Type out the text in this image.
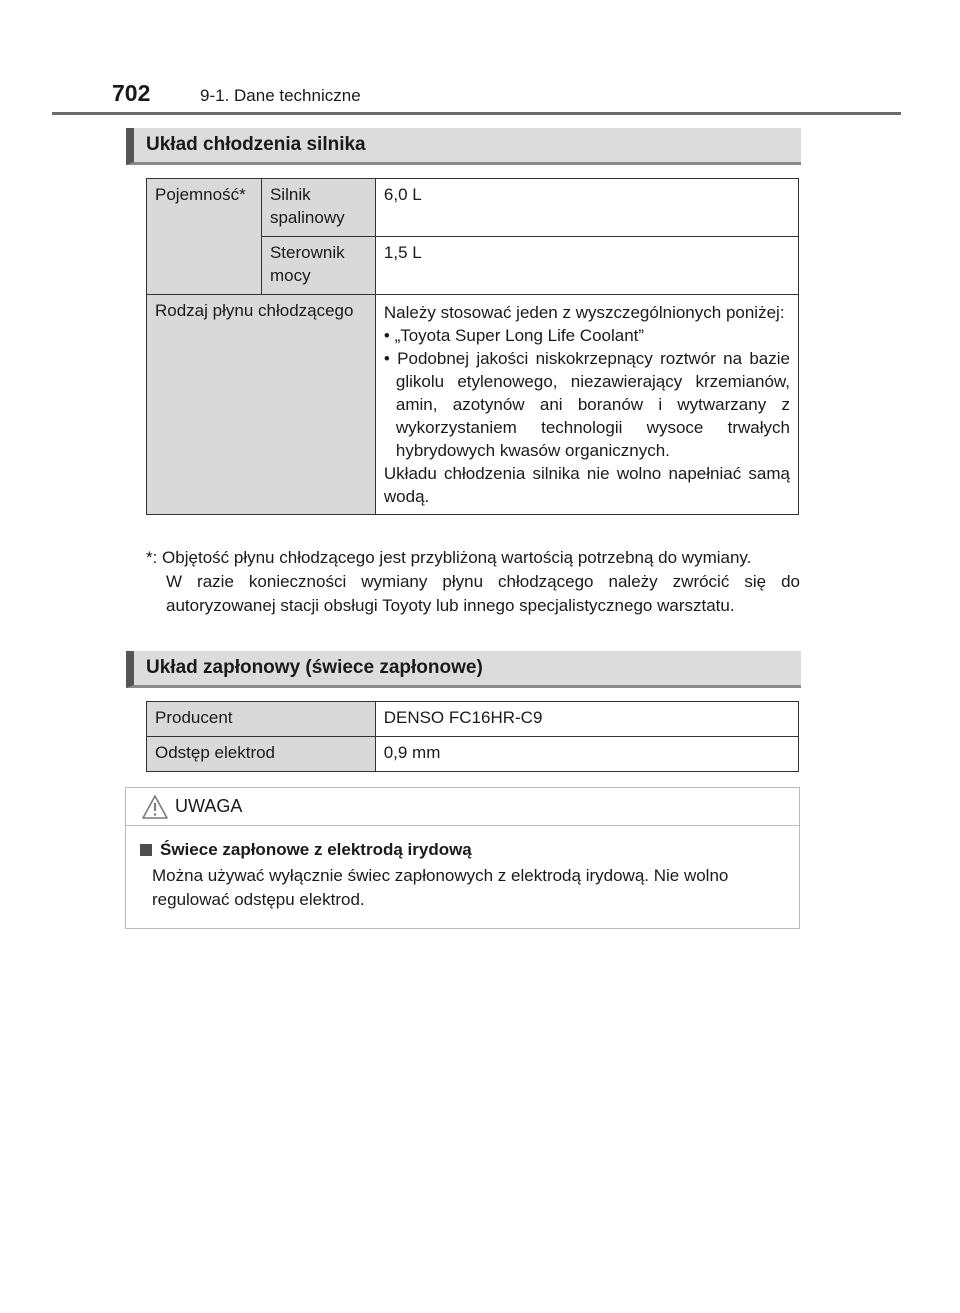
702	9-1. Dane techniczne
Układ chłodzenia silnika
Pojemność*	Silnik spalinowy	6,0 L
	Sterownik mocy	1,5 L
Rodzaj płynu chłodzącego		Należy stosować jeden z wyszczególnionych poniżej:
• „Toyota Super Long Life Coolant”
• Podobnej jakości niskokrzepnący roztwór na bazie glikolu etylenowego, niezawierający krzemianów, amin, azotynów ani boranów i wytwarzany z wykorzystaniem technologii wysoce trwałych hybrydowych kwasów organicznych.
Układu chłodzenia silnika nie wolno napełniać samą wodą.
*: Objętość płynu chłodzącego jest przybliżoną wartością potrzebną do wymiany.
W razie konieczności wymiany płynu chłodzącego należy zwrócić się do autoryzowanej stacji obsługi Toyoty lub innego specjalistycznego warsztatu.
Układ zapłonowy (świece zapłonowe)
Producent	DENSO FC16HR-C9
Odstęp elektrod	0,9 mm
UWAGA
Świece zapłonowe z elektrodą irydową
Można używać wyłącznie świec zapłonowych z elektrodą irydową. Nie wolno regulować odstępu elektrod.
